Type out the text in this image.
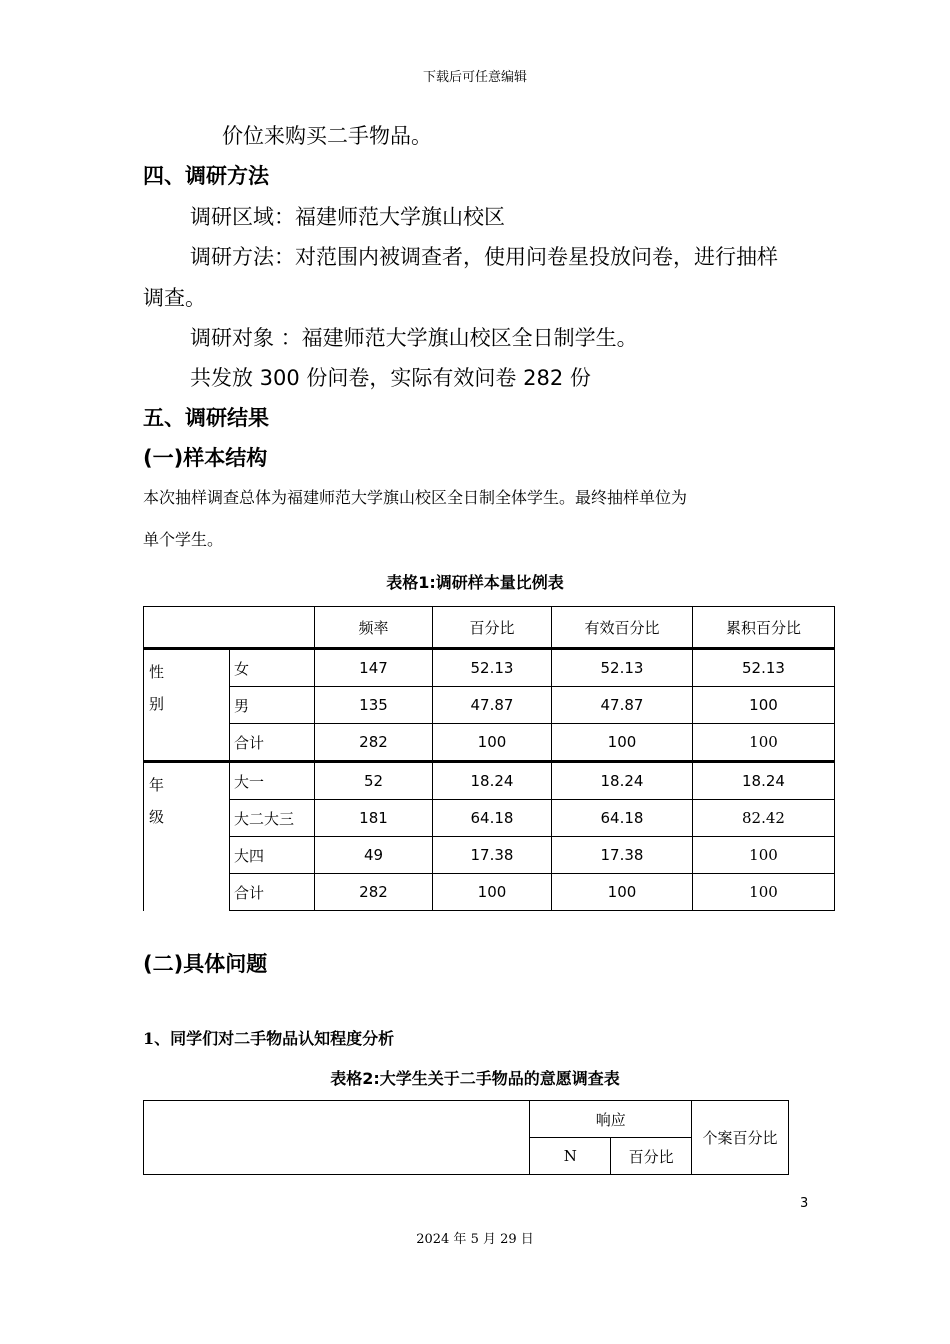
下载后可任意编辑
价位来购买二手物品。
四、调研方法
调研区域：福建师范大学旗山校区
调研方法：对范围内被调查者，使用问卷星投放问卷，进行抽样
调查。
调研对象 ：福建师范大学旗山校区全日制学生。
共发放 300 份问卷，实际有效问卷 282 份
五、调研结果
(一)样本结构
本次抽样调查总体为福建师范大学旗山校区全日制全体学生。最终抽样单位为
单个学生。
表格1:调研样本量比例表
		频率	百分比	有效百分比	累积百分比
性
别	女	147	52.13	52.13	52.13
	男	135	47.87	47.87	100
	合计	282	100	100	100
年
级	大一	52	18.24	18.24	18.24
	大二大三	181	64.18	64.18	82.42
	大四	49	17.38	17.38	100
	合计	282	100	100	100
(二)具体问题
1、同学们对二手物品认知程度分析
表格2:大学生关于二手物品的意愿调查表
	响应		个案百分比
	N	百分比	
3
2024 年 5 月 29 日
